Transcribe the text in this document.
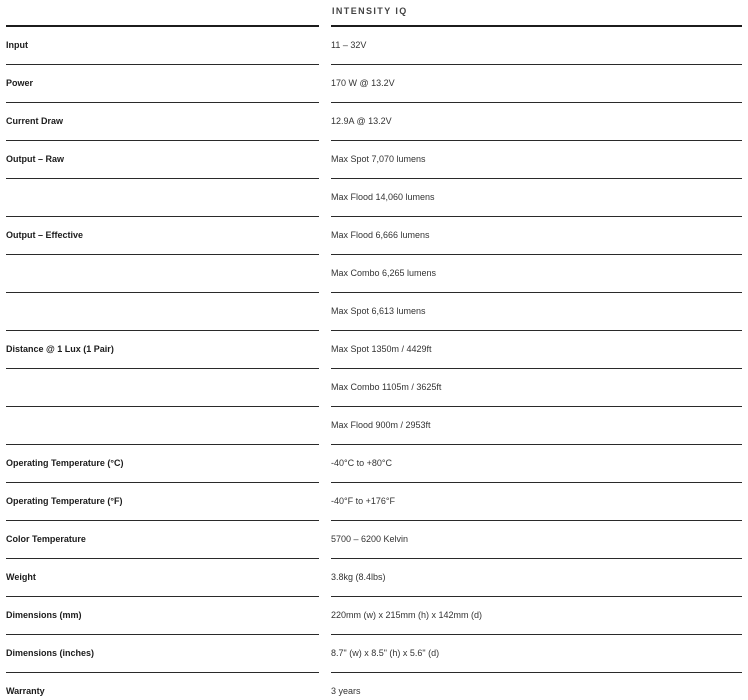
INTENSITY IQ
Input	11 – 32V
Power	170 W @ 13.2V
Current Draw	12.9A @ 13.2V
Output – Raw	Max Spot 7,070 lumens
Max Flood 14,060 lumens
Output – Effective	Max Flood 6,666 lumens
Max Combo 6,265 lumens
Max Spot 6,613 lumens
Distance @ 1 Lux (1 Pair)	Max Spot 1350m / 4429ft
Max Combo 1105m / 3625ft
Max Flood 900m / 2953ft
Operating Temperature (°C)	-40°C to +80°C
Operating Temperature (°F)	-40°F to +176°F
Color Temperature	5700 – 6200 Kelvin
Weight	3.8kg (8.4lbs)
Dimensions (mm)	220mm (w) x 215mm (h) x 142mm (d)
Dimensions (inches)	8.7" (w) x 8.5" (h) x 5.6" (d)
Warranty	3 years
